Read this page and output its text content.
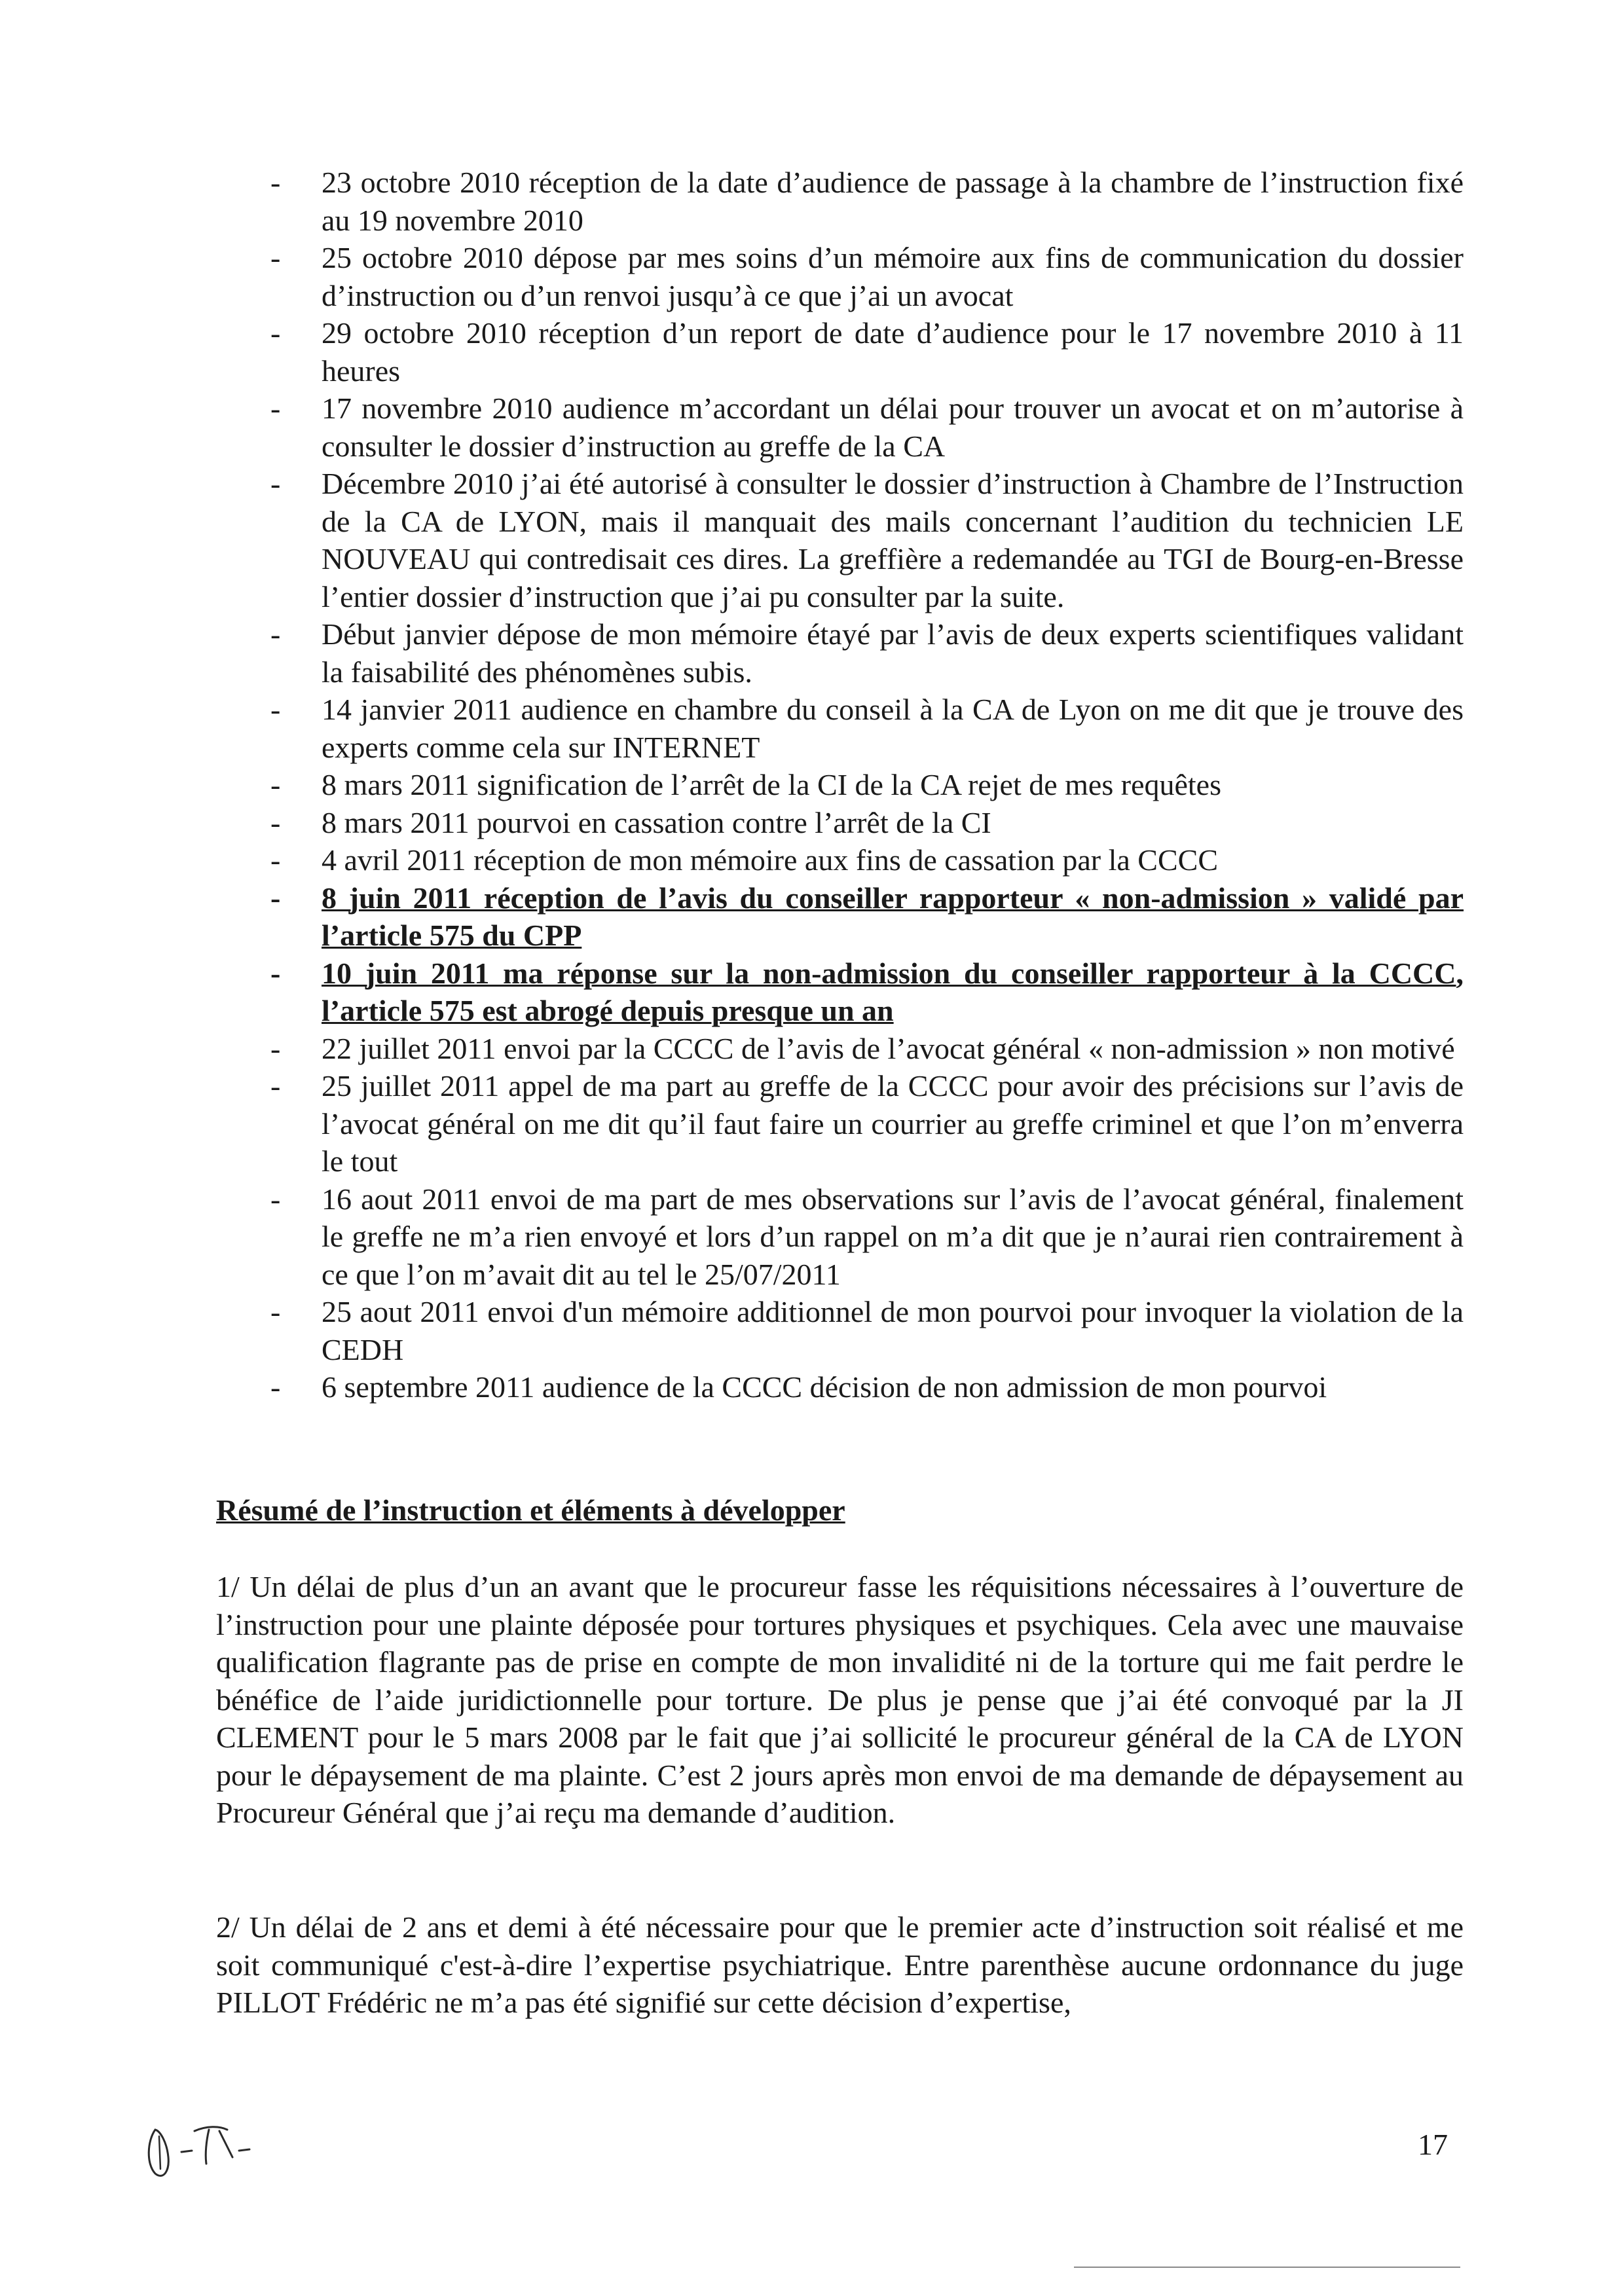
- 23 octobre 2010 réception de la date d’audience de passage à la chambre de l’instruction fixé au 19 novembre 2010
- 25 octobre 2010 dépose par mes soins d’un mémoire aux fins de communication du dossier d’instruction ou d’un renvoi jusqu’à ce que j’ai un avocat
- 29 octobre 2010 réception d’un report de date d’audience pour le 17 novembre 2010 à 11 heures
- 17 novembre 2010 audience m’accordant un délai pour trouver un avocat et on m’autorise à consulter le dossier d’instruction au greffe de la CA
- Décembre 2010 j’ai été autorisé à consulter le dossier d’instruction à Chambre de l’Instruction de la CA de LYON, mais il manquait des mails concernant l’audition du technicien LE NOUVEAU qui contredisait ces dires. La greffière a redemandée au TGI de Bourg-en-Bresse l’entier dossier d’instruction que j’ai pu consulter par la suite.
- Début janvier dépose de mon mémoire étayé par l’avis de deux experts scientifiques validant la faisabilité des phénomènes subis.
- 14 janvier 2011 audience en chambre du conseil à la CA de Lyon on me dit que je trouve des experts comme cela sur INTERNET
- 8 mars 2011 signification de l’arrêt de la CI de la CA rejet de mes requêtes
- 8 mars 2011 pourvoi en cassation contre l’arrêt de la CI
- 4 avril 2011 réception de mon mémoire aux fins de cassation par la CCCC
- 8 juin 2011 réception de l’avis du conseiller rapporteur « non-admission » validé par l’article 575 du CPP
- 10 juin 2011 ma réponse sur la non-admission du conseiller rapporteur à la CCCC, l’article 575 est abrogé depuis presque un an
- 22 juillet 2011 envoi par la CCCC de l’avis de l’avocat général « non-admission » non motivé
- 25 juillet 2011 appel de ma part au greffe de la CCCC pour avoir des précisions sur l’avis de l’avocat général on me dit qu’il faut faire un courrier au greffe criminel et que l’on m’enverra le tout
- 16 aout 2011 envoi de ma part de mes observations sur l’avis de l’avocat général, finalement le greffe ne m’a rien envoyé et lors d’un rappel on m’a dit que je n’aurai rien contrairement à ce que l’on m’avait dit au tel le 25/07/2011
- 25 aout 2011 envoi d'un mémoire additionnel de mon pourvoi pour invoquer la violation de la CEDH
- 6 septembre 2011 audience de la CCCC décision de non admission de mon pourvoi
Résumé de l’instruction et éléments à développer

1/ Un délai de plus d’un an avant que le procureur fasse les réquisitions nécessaires à l’ouverture de l’instruction pour une plainte déposée pour tortures physiques et psychiques. Cela avec une mauvaise qualification flagrante pas de prise en compte de mon invalidité ni de la torture qui me fait perdre le bénéfice de l’aide juridictionnelle pour torture. De plus je pense que j’ai été convoqué par la JI CLEMENT pour le 5 mars 2008 par le fait que j’ai sollicité le procureur général de la CA de LYON pour le dépaysement de ma plainte. C’est 2 jours après mon envoi de ma demande de dépaysement au Procureur Général que j’ai reçu ma demande d’audition.

2/ Un délai de 2 ans et demi à été nécessaire pour que le premier acte d’instruction soit réalisé et me soit communiqué c'est-à-dire l’expertise psychiatrique. Entre parenthèse aucune ordonnance du juge PILLOT Frédéric ne m’a pas été signifié sur cette décision d’expertise,

17
